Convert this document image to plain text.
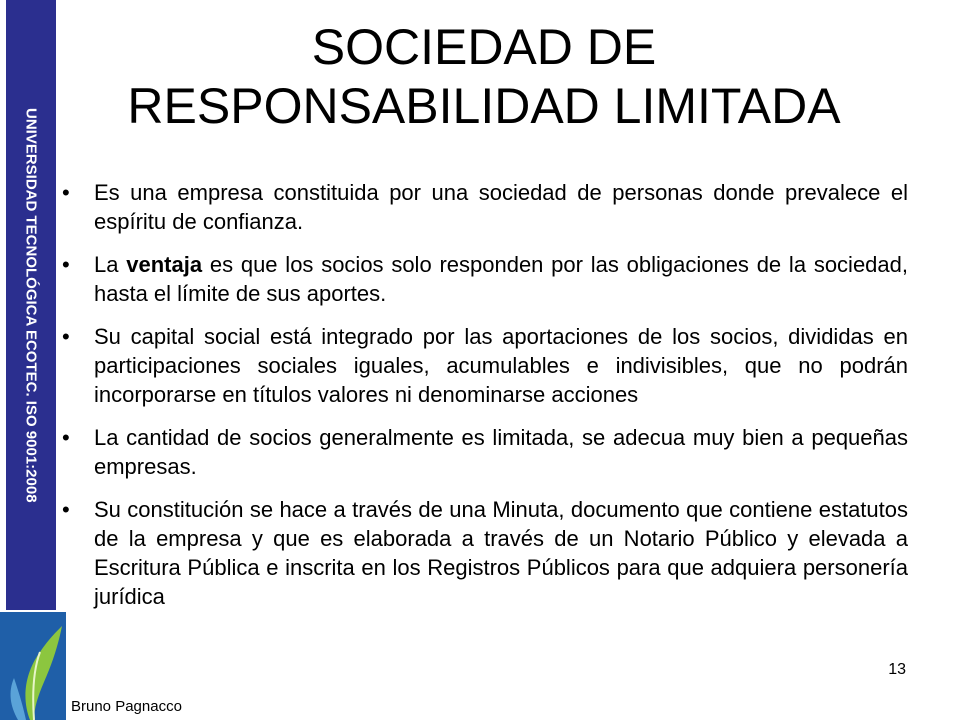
UNIVERSIDAD TECNOLÓGICA ECOTEC. ISO 9001:2008
SOCIEDAD DE
RESPONSABILIDAD LIMITADA
• Es una empresa constituida por una sociedad de personas donde prevalece el espíritu de confianza.
• La ventaja es que los socios solo responden por las obligaciones de la sociedad, hasta el límite de sus aportes.
• Su capital social está integrado por las aportaciones de los socios, divididas en participaciones sociales iguales, acumulables e indivisibles, que no podrán incorporarse en títulos valores ni denominarse acciones
• La cantidad de socios generalmente es limitada, se adecua muy bien a pequeñas empresas.
• Su constitución se hace a través de una Minuta, documento que contiene estatutos de la empresa y que es elaborada a través de un Notario Público y elevada a Escritura Pública e inscrita en los Registros Públicos para que adquiera personería jurídica
13
Bruno Pagnacco
